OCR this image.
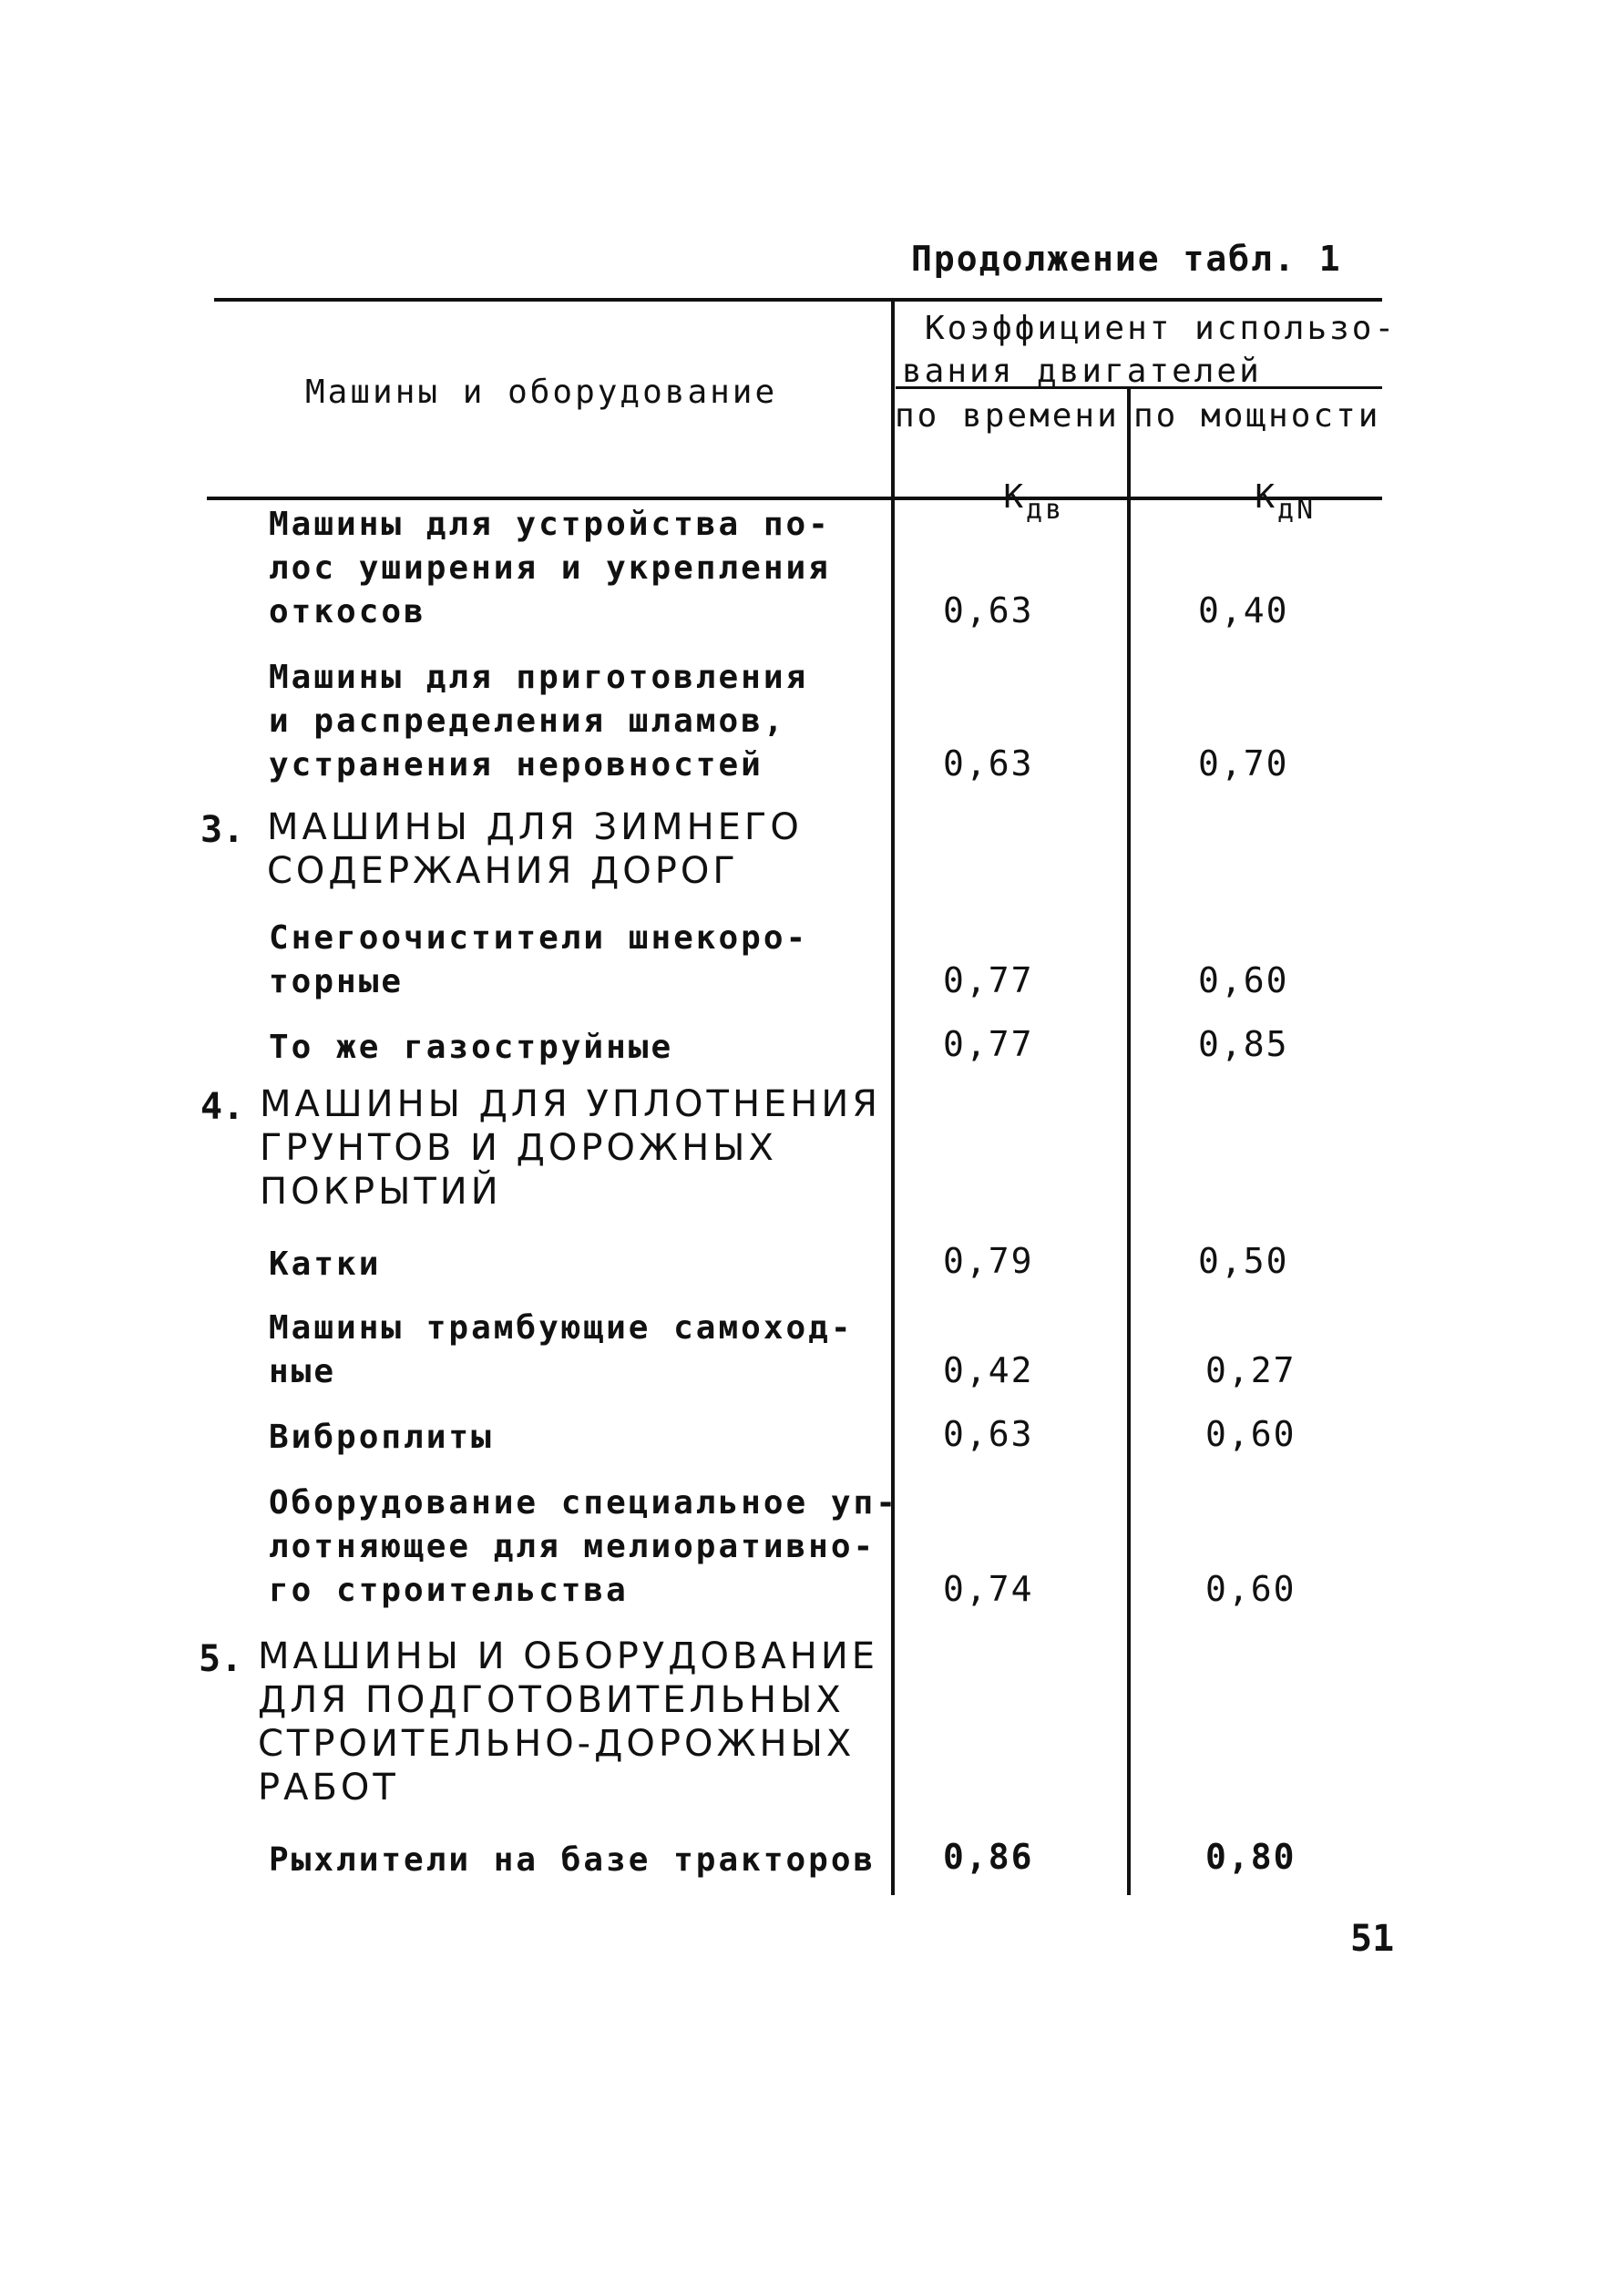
Продолжение табл. 1
Машины и оборудование
Коэффициент использо-
вания двигателей
по времени по мощности

$К_{дв}$	$К_{дN}$

Машины для устройства по-
лос уширения и укрепления
откосов	0,63	0,40
Машины для приготовления
и распределения шламов,
устранения неровностей	0,63	0,70
3. МАШИНЫ ДЛЯ ЗИМНЕГО
СОДЕРЖАНИЯ ДОРОГ
Снегоочистители шнекоро-
торные	0,77	0,60
То же газоструйные	0,77	0,85
4. МАШИНЫ ДЛЯ УПЛОТНЕНИЯ
ГРУНТОВ И ДОРОЖНЫХ
ПОКРЫТИЙ
Катки	0,79	0,50
Машины трамбующие самоход-
ные	0,42	0,27
Виброплиты	0,63	0,60
Оборудование специальное уп-
лотняющее для мелиоративно-
го строительства	0,74	0,60
5. МАШИНЫ И ОБОРУДОВАНИЕ
ДЛЯ ПОДГОТОВИТЕЛЬНЫХ
СТРОИТЕЛЬНО-ДОРОЖНЫХ
РАБОТ
Рыхлители на базе тракторов 0,86	0,80
51
